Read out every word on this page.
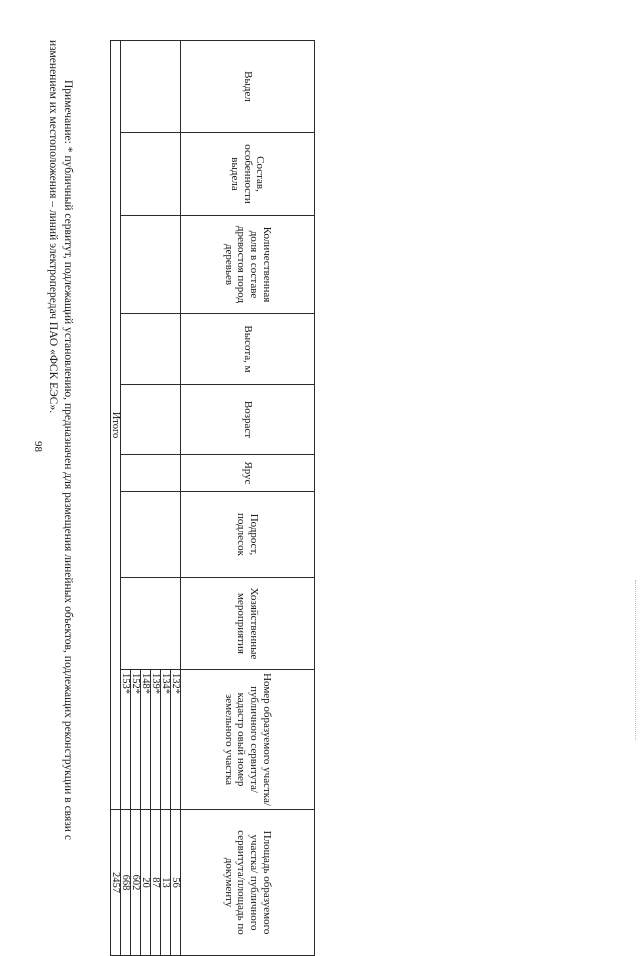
98
Выдел	Состав, особенности выдела	Количественная доля в составе древостоя пород деревьев	Высота, м	Возраст	Ярус	Подрост, подлесок	Хозяйственные мероприятия	Номер образуемого участка/ публичного сервитута/кадастр овый номер земельного участка	Площадь образуемого участка/ публичного сервитута/площадь по документу
								132*	56
								134*	13
								139*	87
								148*	20
								152*	602
								153*	668
Итого									2457
Примечание: * публичный сервитут, подлежащий установлению, предназначен для размещения линейных объектов, подлежащих реконструкции в связи с изменением их местоположения – линий электропередач ПАО «ФСК ЕЭС».
